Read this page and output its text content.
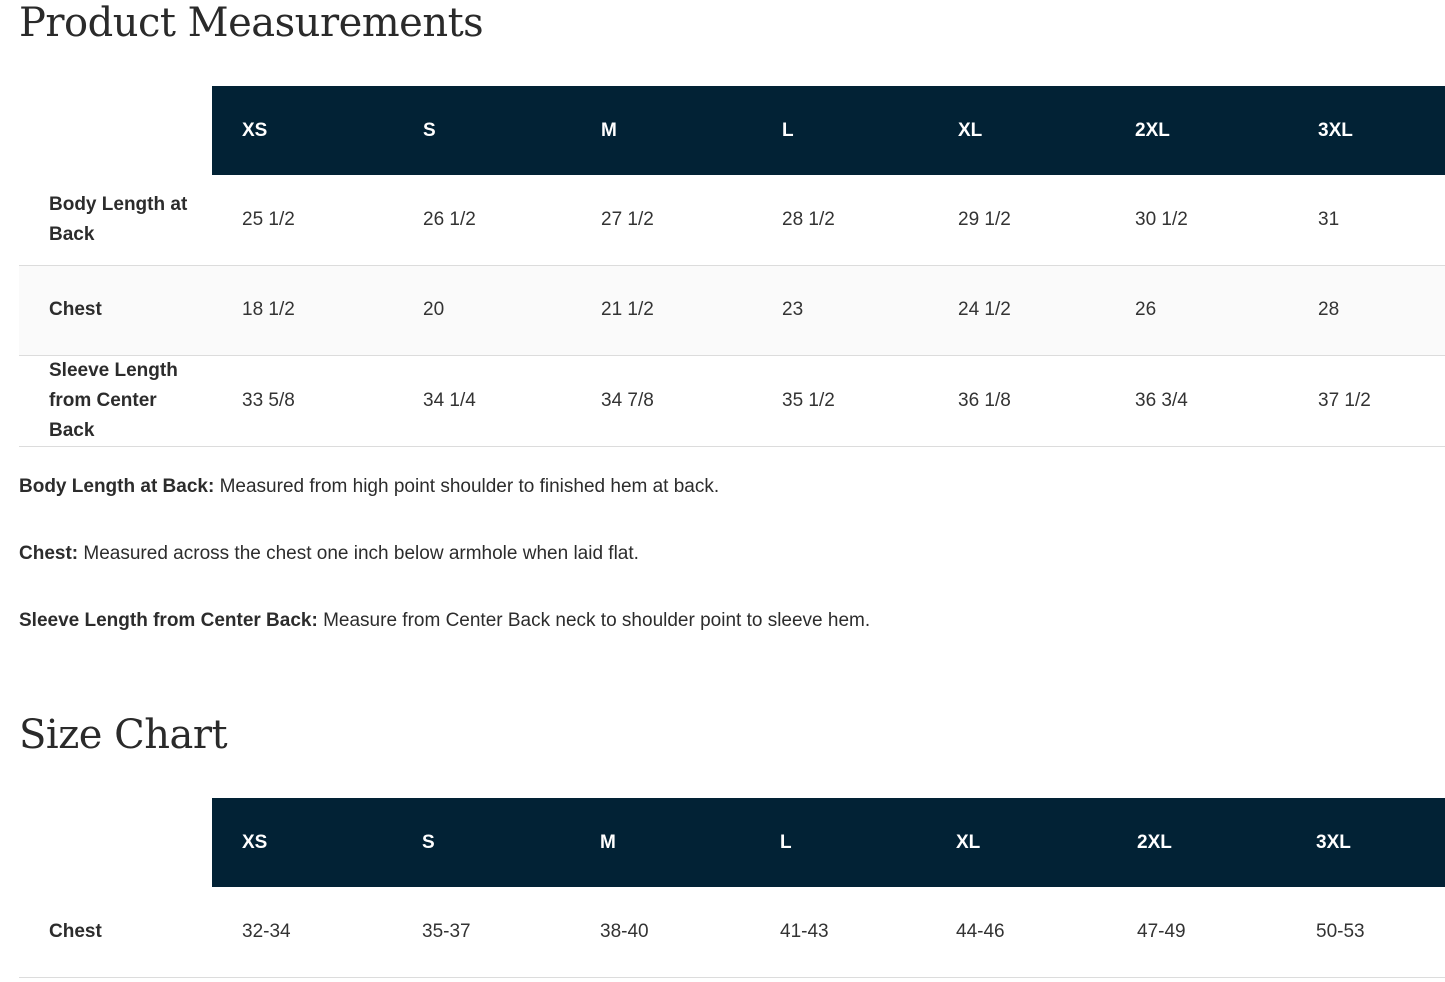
Product Measurements
	XS	S	M	L	XL	2XL	3XL
Body Length at Back	25 1/2	26 1/2	27 1/2	28 1/2	29 1/2	30 1/2	31
Chest	18 1/2	20	21 1/2	23	24 1/2	26	28
Sleeve Length from Center Back	33 5/8	34 1/4	34 7/8	35 1/2	36 1/8	36 3/4	37 1/2

Body Length at Back: Measured from high point shoulder to finished hem at back.

Chest: Measured across the chest one inch below armhole when laid flat.

Sleeve Length from Center Back: Measure from Center Back neck to shoulder point to sleeve hem.

Size Chart
	XS	S	M	L	XL	2XL	3XL
Chest	32-34	35-37	38-40	41-43	44-46	47-49	50-53
